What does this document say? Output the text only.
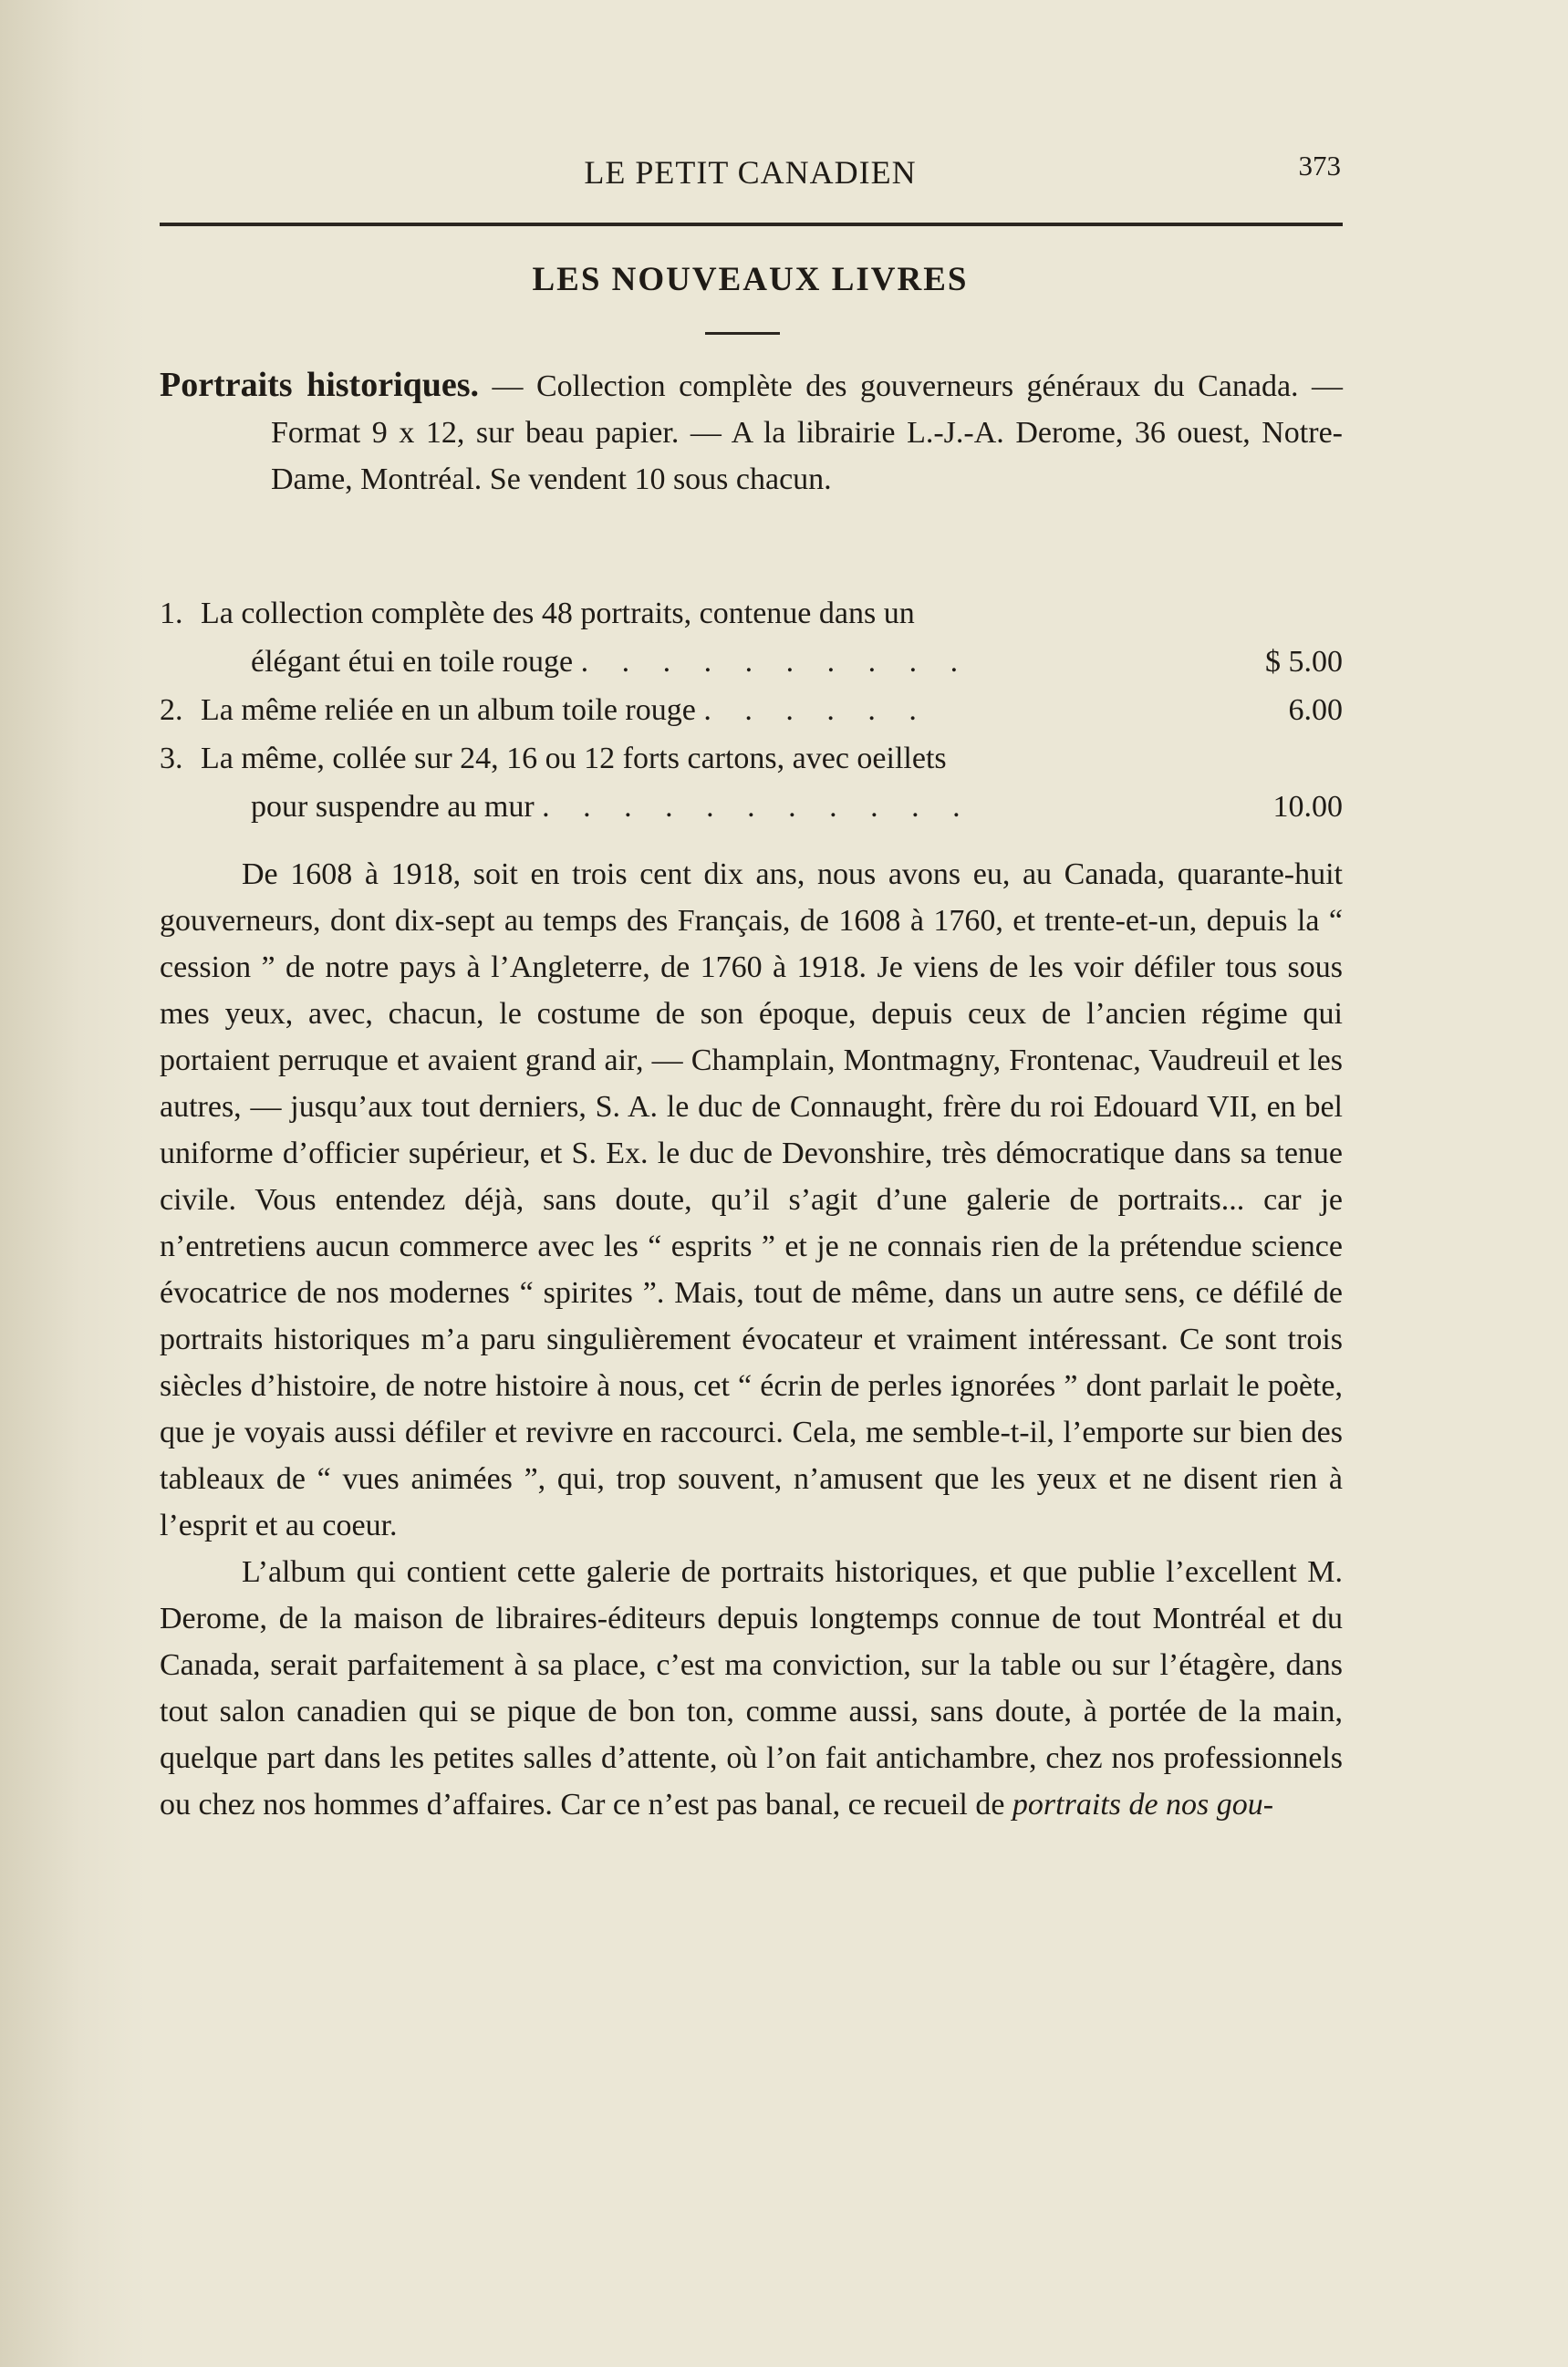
LE PETIT CANADIEN	373
LES NOUVEAUX LIVRES

Portraits historiques. — Collection complète des gouverneurs généraux du Canada. — Format 9 x 12, sur beau papier. — A la librairie L.-J.-A. Derome, 36 ouest, Notre-Dame, Montréal. Se vendent 10 sous chacun.

1. La collection complète des 48 portraits, contenue dans un
élégant étui en toile rouge . . . . . . . . . .	$ 5.00
2. La même reliée en un album toile rouge . . . . . .	6.00
3. La même, collée sur 24, 16 ou 12 forts cartons, avec oeillets
pour suspendre au mur . . . . . . . . . . .	10.00

De 1608 à 1918, soit en trois cent dix ans, nous avons eu, au Canada, quarante-huit gouverneurs, dont dix-sept au temps des Français, de 1608 à 1760, et trente-et-un, depuis la “ cession ” de notre pays à l’Angleterre, de 1760 à 1918. Je viens de les voir défiler tous sous mes yeux, avec, chacun, le costume de son époque, depuis ceux de l’ancien régime qui portaient perruque et avaient grand air, — Champlain, Montmagny, Frontenac, Vaudreuil et les autres, — jusqu’aux tout derniers, S. A. le duc de Connaught, frère du roi Edouard VII, en bel uniforme d’officier supérieur, et S. Ex. le duc de Devonshire, très démocratique dans sa tenue civile. Vous entendez déjà, sans doute, qu’il s’agit d’une galerie de portraits... car je n’entretiens aucun commerce avec les “ esprits ” et je ne connais rien de la prétendue science évocatrice de nos modernes “ spirites ”. Mais, tout de même, dans un autre sens, ce défilé de portraits historiques m’a paru singulièrement évocateur et vraiment intéressant. Ce sont trois siècles d’histoire, de notre histoire à nous, cet “ écrin de perles ignorées ” dont parlait le poète, que je voyais aussi défiler et revivre en raccourci. Cela, me semble-t-il, l’emporte sur bien des tableaux de “ vues animées ”, qui, trop souvent, n’amusent que les yeux et ne disent rien à l’esprit et au coeur.

L’album qui contient cette galerie de portraits historiques, et que publie l’excellent M. Derome, de la maison de libraires-éditeurs depuis longtemps connue de tout Montréal et du Canada, serait parfaitement à sa place, c’est ma conviction, sur la table ou sur l’étagère, dans tout salon canadien qui se pique de bon ton, comme aussi, sans doute, à portée de la main, quelque part dans les petites salles d’attente, où l’on fait antichambre, chez nos professionnels ou chez nos hommes d’affaires. Car ce n’est pas banal, ce recueil de portraits de nos gou-
